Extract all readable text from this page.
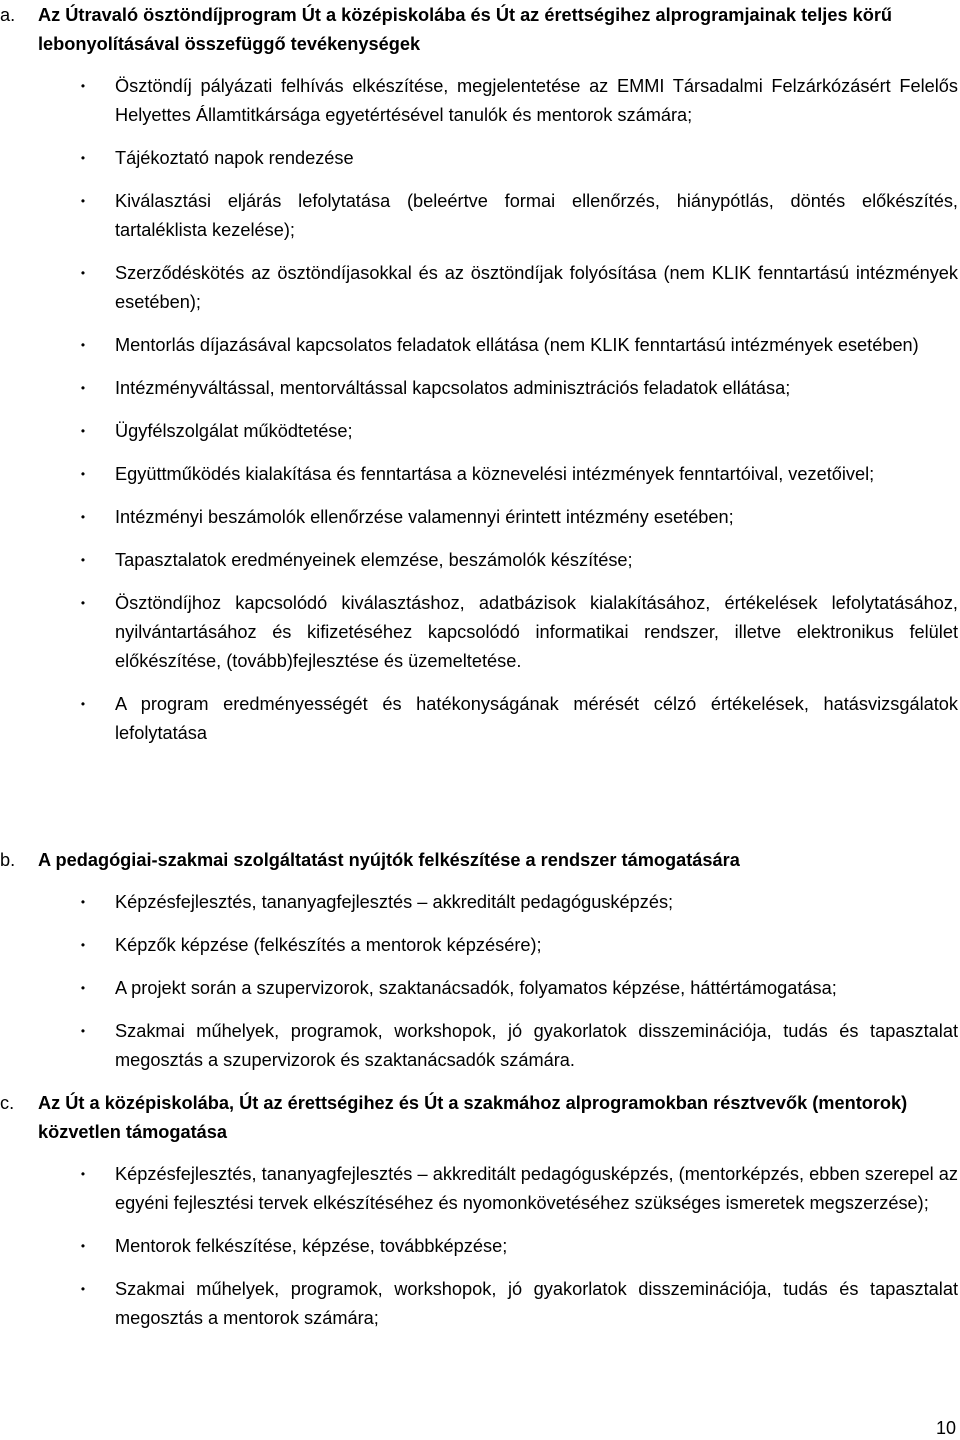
a. Az Útravaló ösztöndíjprogram Út a középiskolába és Út az érettségihez alprogramjainak teljes körű lebonyolításával összefüggő tevékenységek
• Ösztöndíj pályázati felhívás elkészítése, megjelentetése az EMMI Társadalmi Felzárkózásért Felelős Helyettes Államtitkársága egyetértésével tanulók és mentorok számára;
• Tájékoztató napok rendezése
• Kiválasztási eljárás lefolytatása (beleértve formai ellenőrzés, hiánypótlás, döntés előkészítés, tartaléklista kezelése);
• Szerződéskötés az ösztöndíjasokkal és az ösztöndíjak folyósítása (nem KLIK fenntartású intézmények esetében);
• Mentorlás díjazásával kapcsolatos feladatok ellátása (nem KLIK fenntartású intézmények esetében)
• Intézményváltással, mentorváltással kapcsolatos adminisztrációs feladatok ellátása;
• Ügyfélszolgálat működtetése;
• Együttműködés kialakítása és fenntartása a köznevelési intézmények fenntartóival, vezetőivel;
• Intézményi beszámolók ellenőrzése valamennyi érintett intézmény esetében;
• Tapasztalatok eredményeinek elemzése, beszámolók készítése;
• Ösztöndíjhoz kapcsolódó kiválasztáshoz, adatbázisok kialakításához, értékelések lefolytatásához, nyilvántartásához és kifizetéséhez kapcsolódó informatikai rendszer, illetve elektronikus felület előkészítése, (tovább)fejlesztése és üzemeltetése.
• A program eredményességét és hatékonyságának mérését célzó értékelések, hatásvizsgálatok lefolytatása
b. A pedagógiai-szakmai szolgáltatást nyújtók felkészítése a rendszer támogatására
• Képzésfejlesztés, tananyagfejlesztés – akkreditált pedagógusképzés;
• Képzők képzése (felkészítés a mentorok képzésére);
• A projekt során a szupervizorok, szaktanácsadók, folyamatos képzése, háttértámogatása;
• Szakmai műhelyek, programok, workshopok, jó gyakorlatok disszeminációja, tudás és tapasztalat megosztás a szupervizorok és szaktanácsadók számára.
c. Az Út a középiskolába, Út az érettségihez és Út a szakmához alprogramokban résztvevők (mentorok) közvetlen támogatása
• Képzésfejlesztés, tananyagfejlesztés – akkreditált pedagógusképzés, (mentorképzés, ebben szerepel az egyéni fejlesztési tervek elkészítéséhez és nyomonkövetéséhez szükséges ismeretek megszerzése);
• Mentorok felkészítése, képzése, továbbképzése;
• Szakmai műhelyek, programok, workshopok, jó gyakorlatok disszeminációja, tudás és tapasztalat megosztás a mentorok számára;
10
